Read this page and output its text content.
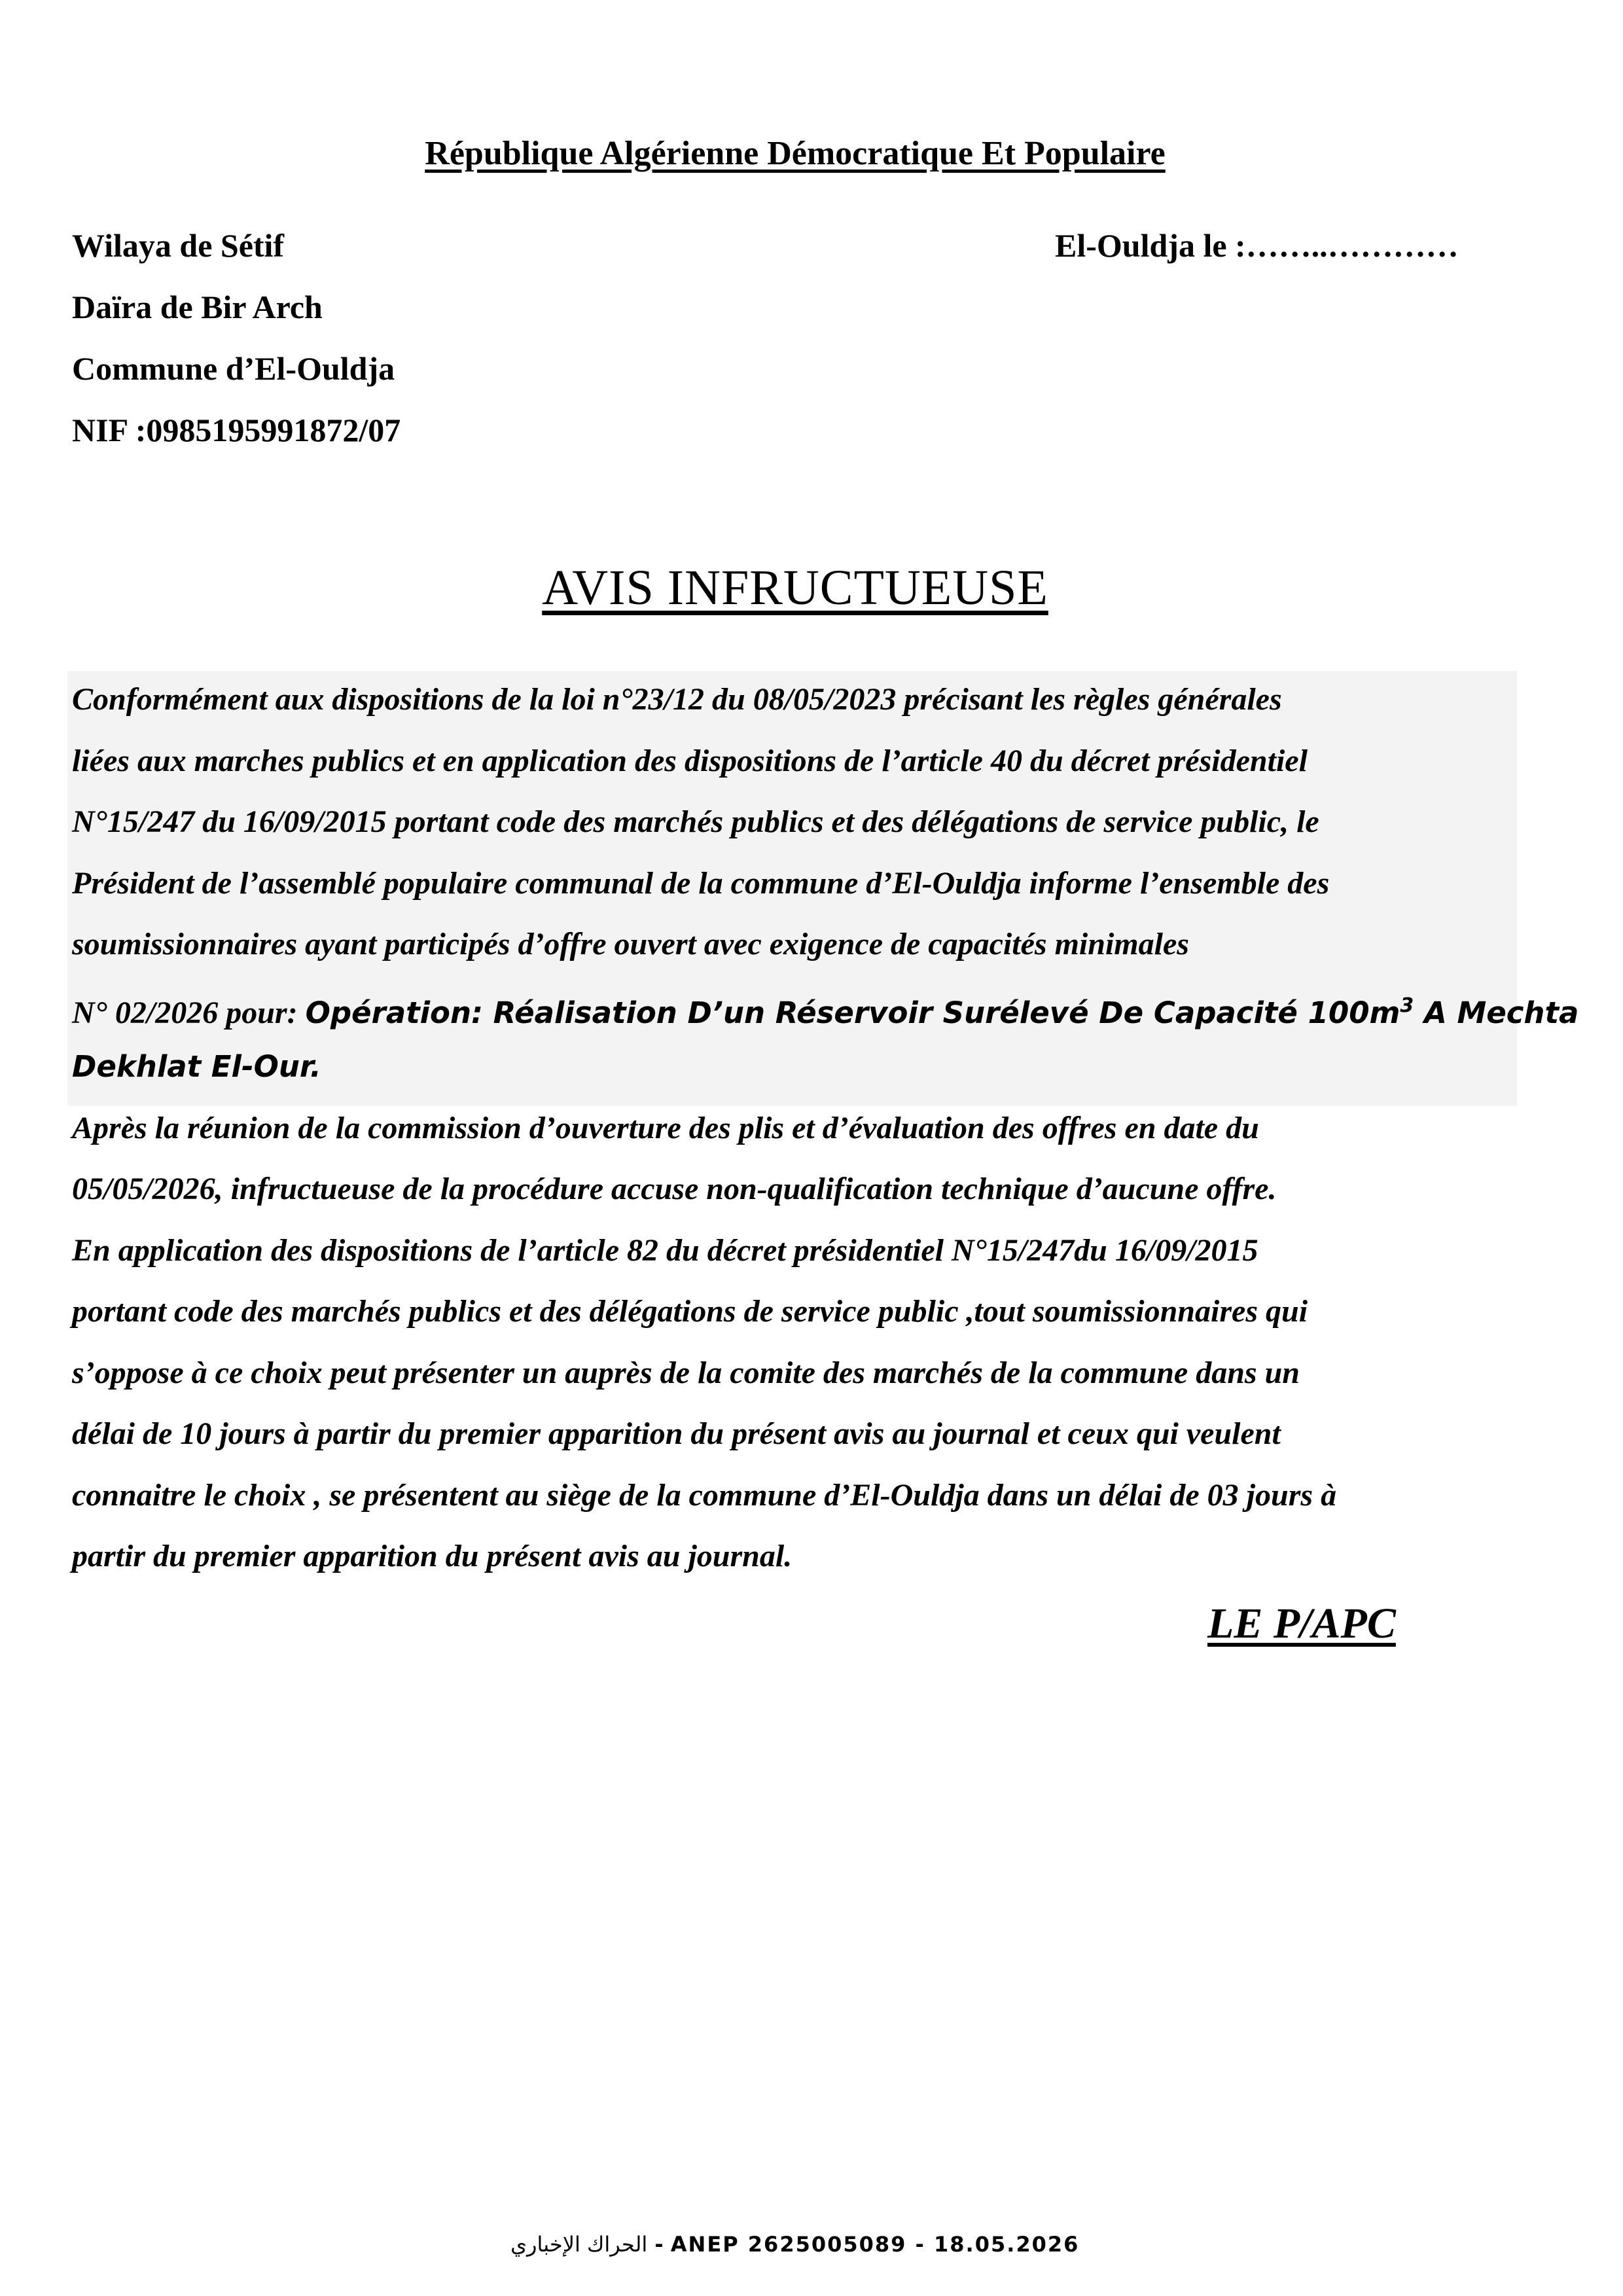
République Algérienne Démocratique Et Populaire
Wilaya de Sétif
Daïra de Bir Arch
Commune d’El-Ouldja
NIF :0985195991872/07
El-Ouldja le :……..…………
AVIS INFRUCTUEUSE
Conformément aux dispositions de la loi n°23/12 du 08/05/2023 précisant les règles générales
liées aux marches publics et en application des dispositions de l’article 40 du décret présidentiel
N°15/247 du 16/09/2015 portant code des marchés publics et des délégations de service public, le
Président de l’assemblé populaire communal de la commune d’El-Ouldja informe l’ensemble des
soumissionnaires ayant participés d’offre ouvert avec exigence de capacités minimales
N° 02/2026 pour: Opération: Réalisation D’un Réservoir Surélevé De Capacité $100m^3$ A Mechta
Dekhlat El-Our.
Après la réunion de la commission d’ouverture des plis et d’évaluation des offres en date du
05/05/2026, infructueuse de la procédure accuse non-qualification technique d’aucune offre.
En application des dispositions de l’article 82 du décret présidentiel N°15/247du 16/09/2015
portant code des marchés publics et des délégations de service public ,tout soumissionnaires qui
s’oppose à ce choix peut présenter un auprès de la comite des marchés de la commune dans un
délai de 10 jours à partir du premier apparition du présent avis au journal et ceux qui veulent
connaitre le choix , se présentent au siège de la commune d’El-Ouldja dans un délai de 03 jours à
partir du premier apparition du présent avis au journal.
LE P/APC
الحراك الإخباري - ANEP 2625005089 - 18.05.2026
